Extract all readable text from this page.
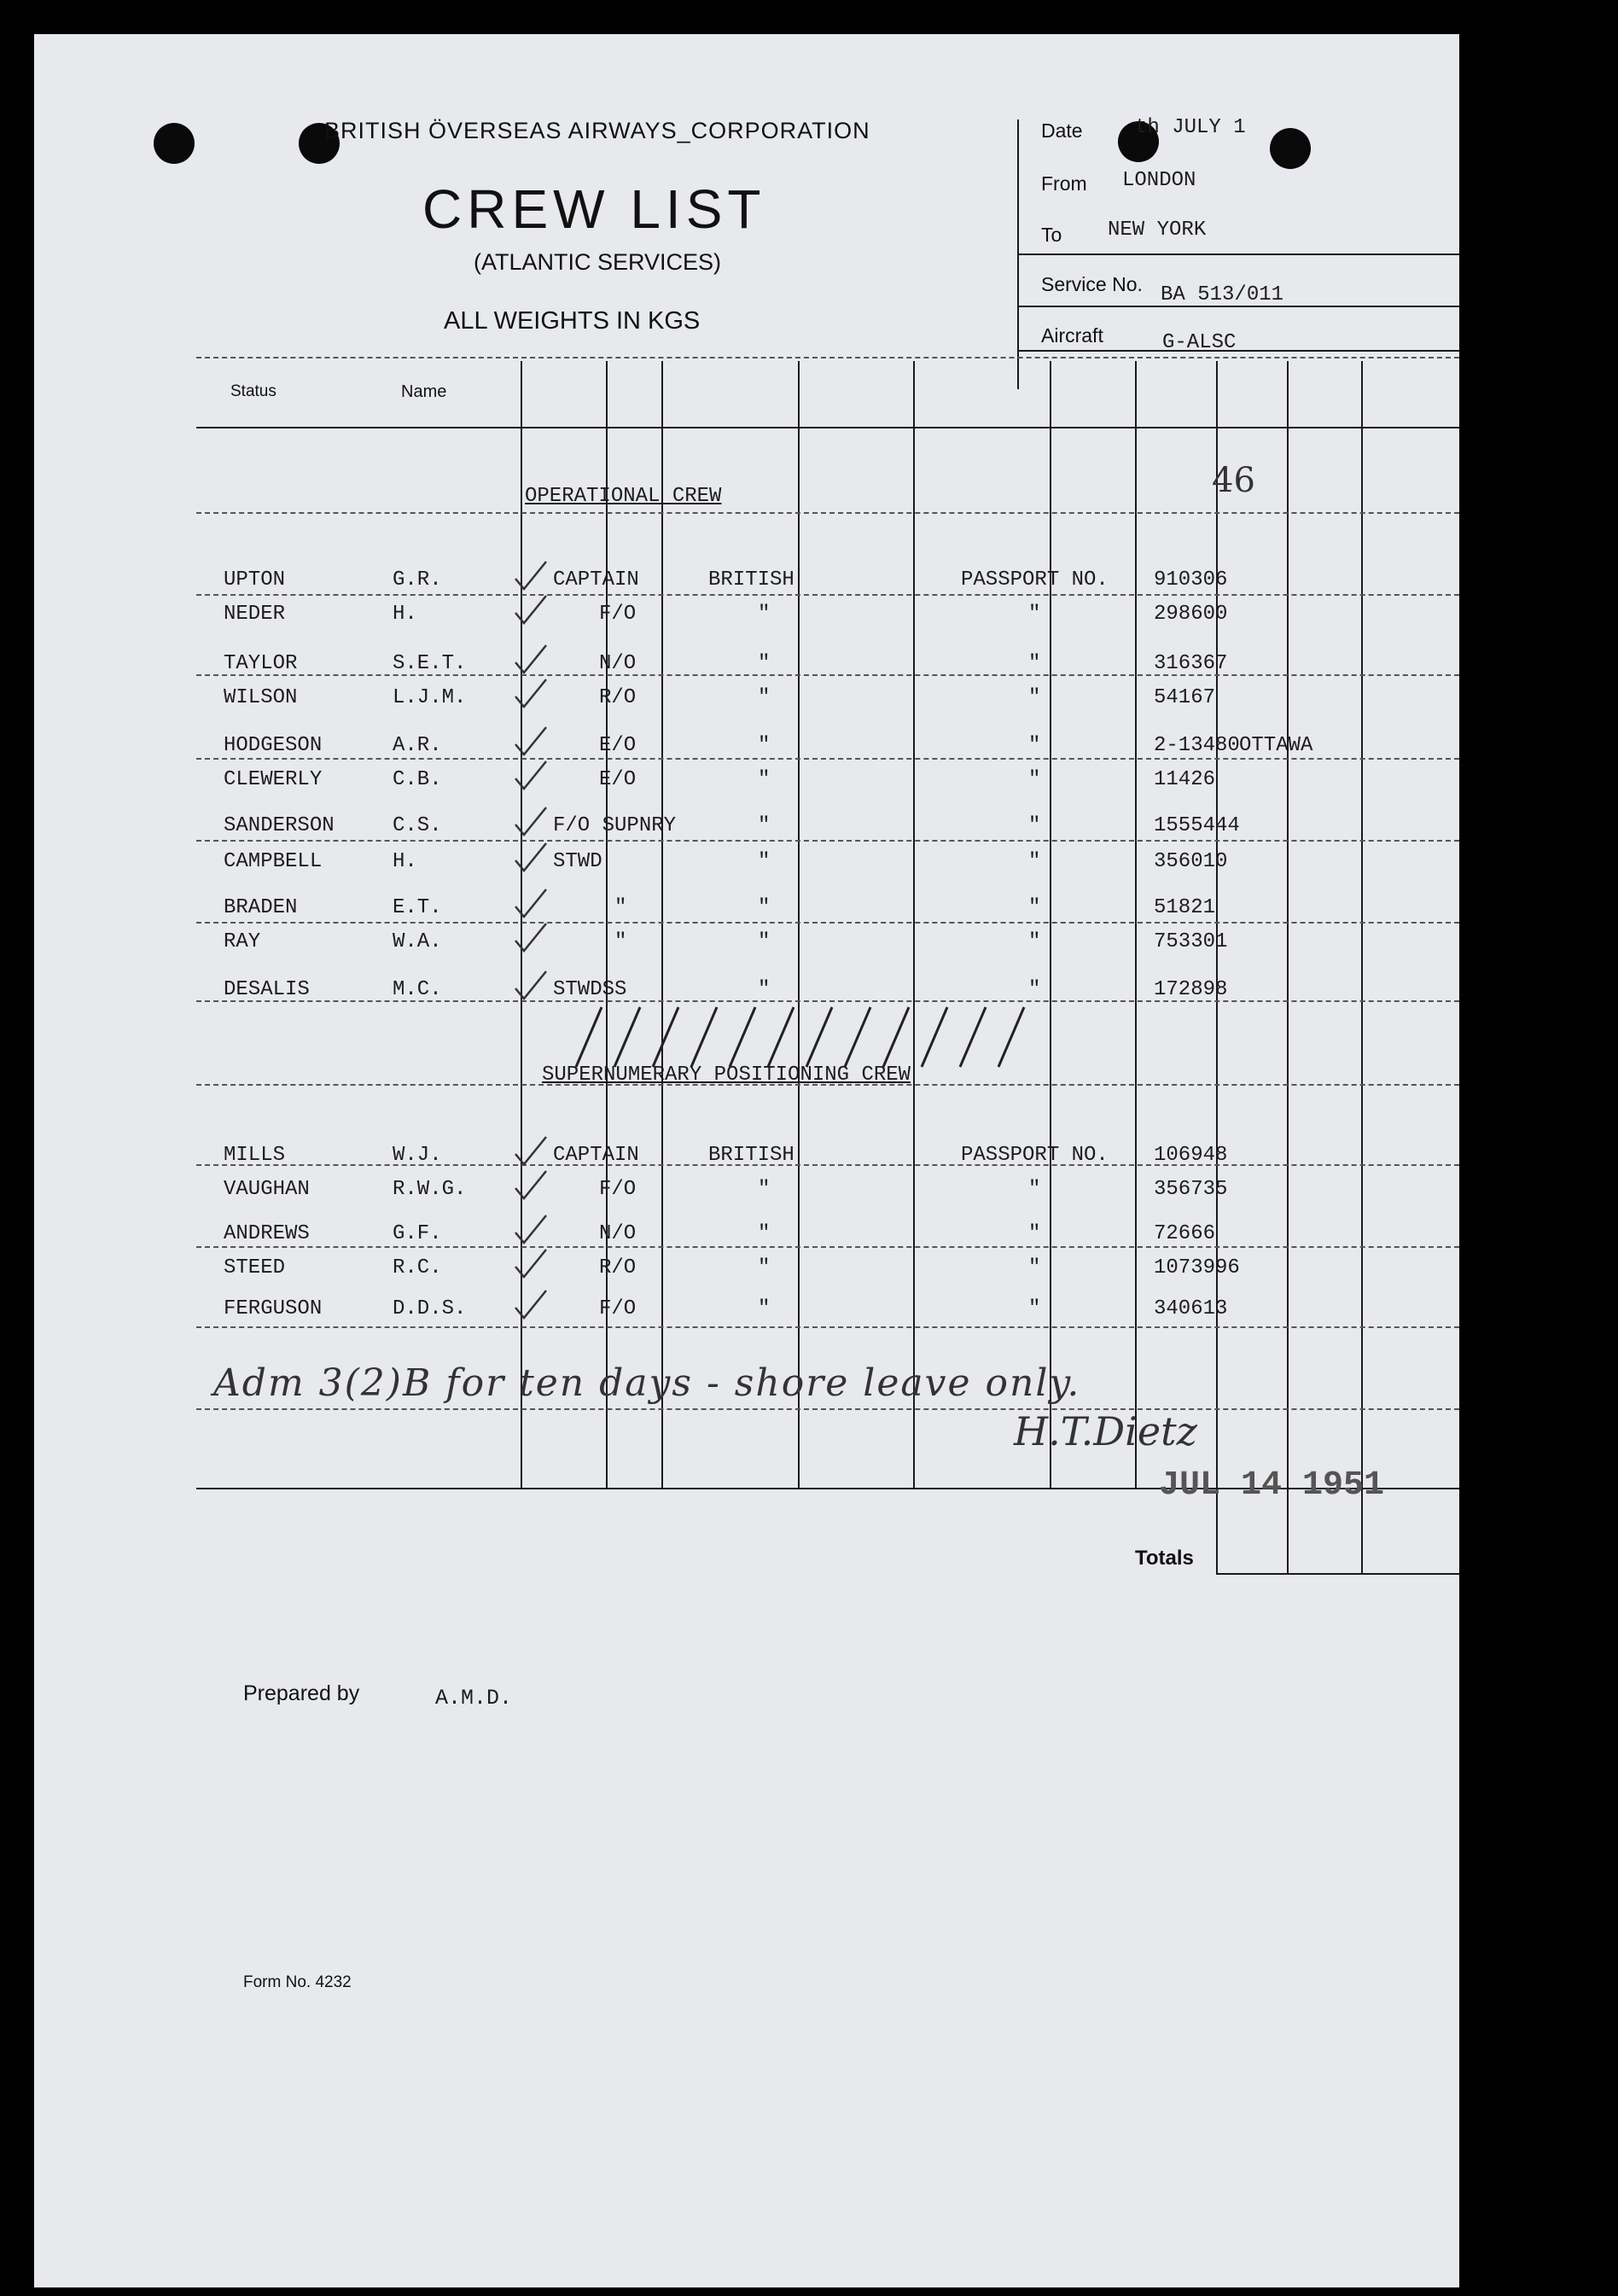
BRITISH ÖVERSEAS AIRWAYS_CORPORATION
CREW LIST
(ATLANTIC SERVICES)
ALL WEIGHTS IN KGS
Date	th JULY 1
From LONDON
To NEW YORK
Service No. BA 513/011
Aircraft	G-ALSC
Status	Name
46
OPERATIONAL CREW
SUPERNUMERARY POSITIONING CREW
UPTON	G.R.	CAPTAIN	BRITISH	PASSPORT NO. 910306
NEDER	H.	F/O	"	"	298600
TAYLOR	S.E.T.	N/O	"	"	316367
WILSON	L.J.M.	R/O	"	"	54167
HODGESON	A.R.	E/O	"	"	2-13480 OTTAWA
CLEWERLY	C.B.	E/O	"	"	11426
SANDERSON	C.S.	F/O SUPNRY	"	"	1555444
CAMPBELL	H.	STWD	"	"	356010
BRADEN	E.T.	"	"	"	51821
RAY	W.A.	"	"	"	753301
DESALIS	M.C.	STWDSS	"	"	172898
MILLS	W.J.	CAPTAIN	BRITISH	PASSPORT NO. 106948
VAUGHAN	R.W.G.	F/O	"	"	356735
ANDREWS	G.F.	N/O	"	"	72666
STEED	R.C.	R/O	"	"	1073996
FERGUSON	D.D.S.	F/O	"	"	340613
Adm 3(2)B for ten days - shore leave only.
H.T.Dietz
JUL 14 1951
Totals
Prepared by	A.M.D.
Form No. 4232
